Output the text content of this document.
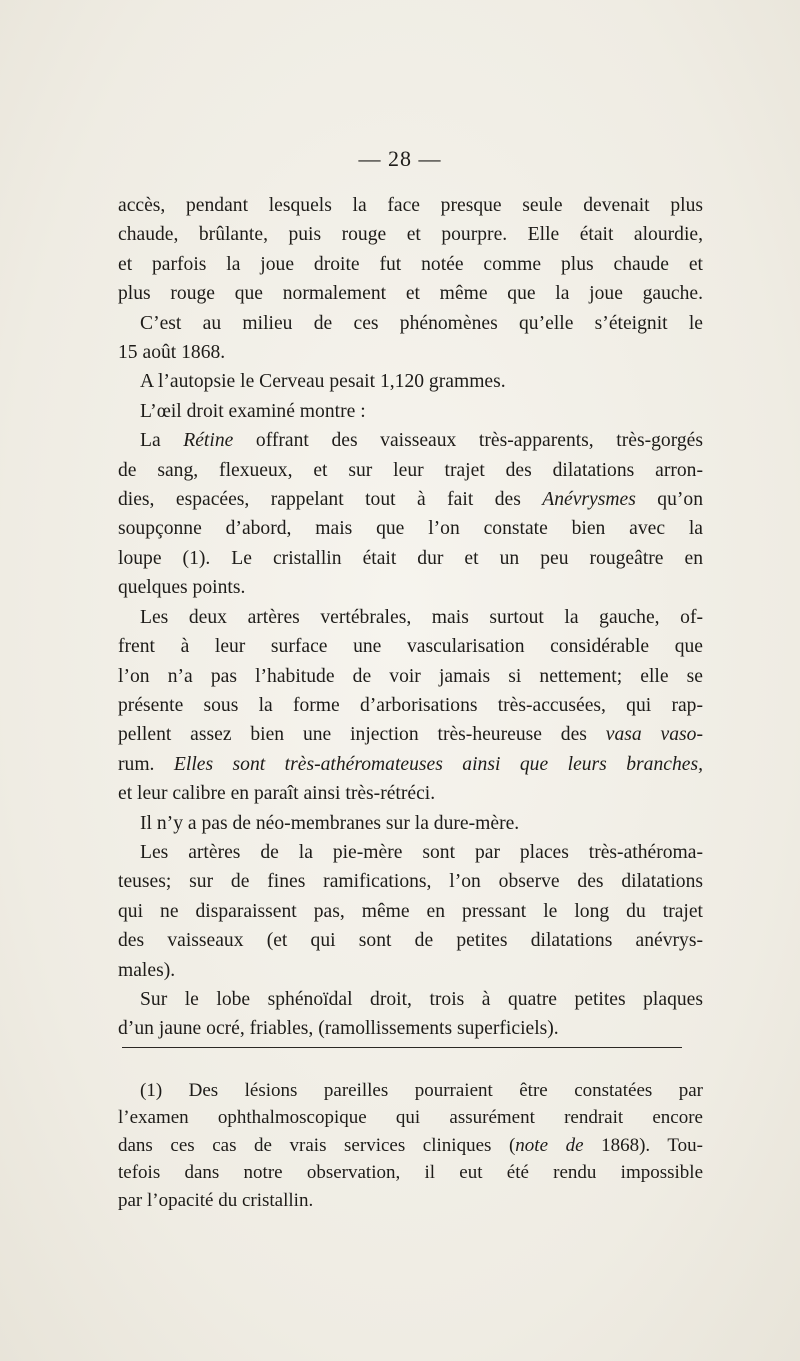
— 28 —
accès, pendant lesquels la face presque seule devenait plus
chaude, brûlante, puis rouge et pourpre. Elle était alourdie,
et parfois la joue droite fut notée comme plus chaude et
plus rouge que normalement et même que la joue gauche.
C’est au milieu de ces phénomènes qu’elle s’éteignit le
15 août 1868.
A l’autopsie le Cerveau pesait 1,120 grammes.
L’œil droit examiné montre :
La Rétine offrant des vaisseaux très-apparents, très-gorgés
de sang, flexueux, et sur leur trajet des dilatations arron-
dies, espacées, rappelant tout à fait des Anévrysmes qu’on
soupçonne d’abord, mais que l’on constate bien avec la
loupe (1). Le cristallin était dur et un peu rougeâtre en
quelques points.
Les deux artères vertébrales, mais surtout la gauche, of-
frent à leur surface une vascularisation considérable que
l’on n’a pas l’habitude de voir jamais si nettement; elle se
présente sous la forme d’arborisations très-accusées, qui rap-
pellent assez bien une injection très-heureuse des vasa vaso-
rum. Elles sont très-athéromateuses ainsi que leurs branches,
et leur calibre en paraît ainsi très-rétréci.
Il n’y a pas de néo-membranes sur la dure-mère.
Les artères de la pie-mère sont par places très-athéroma-
teuses; sur de fines ramifications, l’on observe des dilatations
qui ne disparaissent pas, même en pressant le long du trajet
des vaisseaux (et qui sont de petites dilatations anévrys-
males).
Sur le lobe sphénoïdal droit, trois à quatre petites plaques
d’un jaune ocré, friables, (ramollissements superficiels).
(1) Des lésions pareilles pourraient être constatées par
l’examen ophthalmoscopique qui assurément rendrait encore
dans ces cas de vrais services cliniques (note de 1868). Tou-
tefois dans notre observation, il eut été rendu impossible
par l’opacité du cristallin.
